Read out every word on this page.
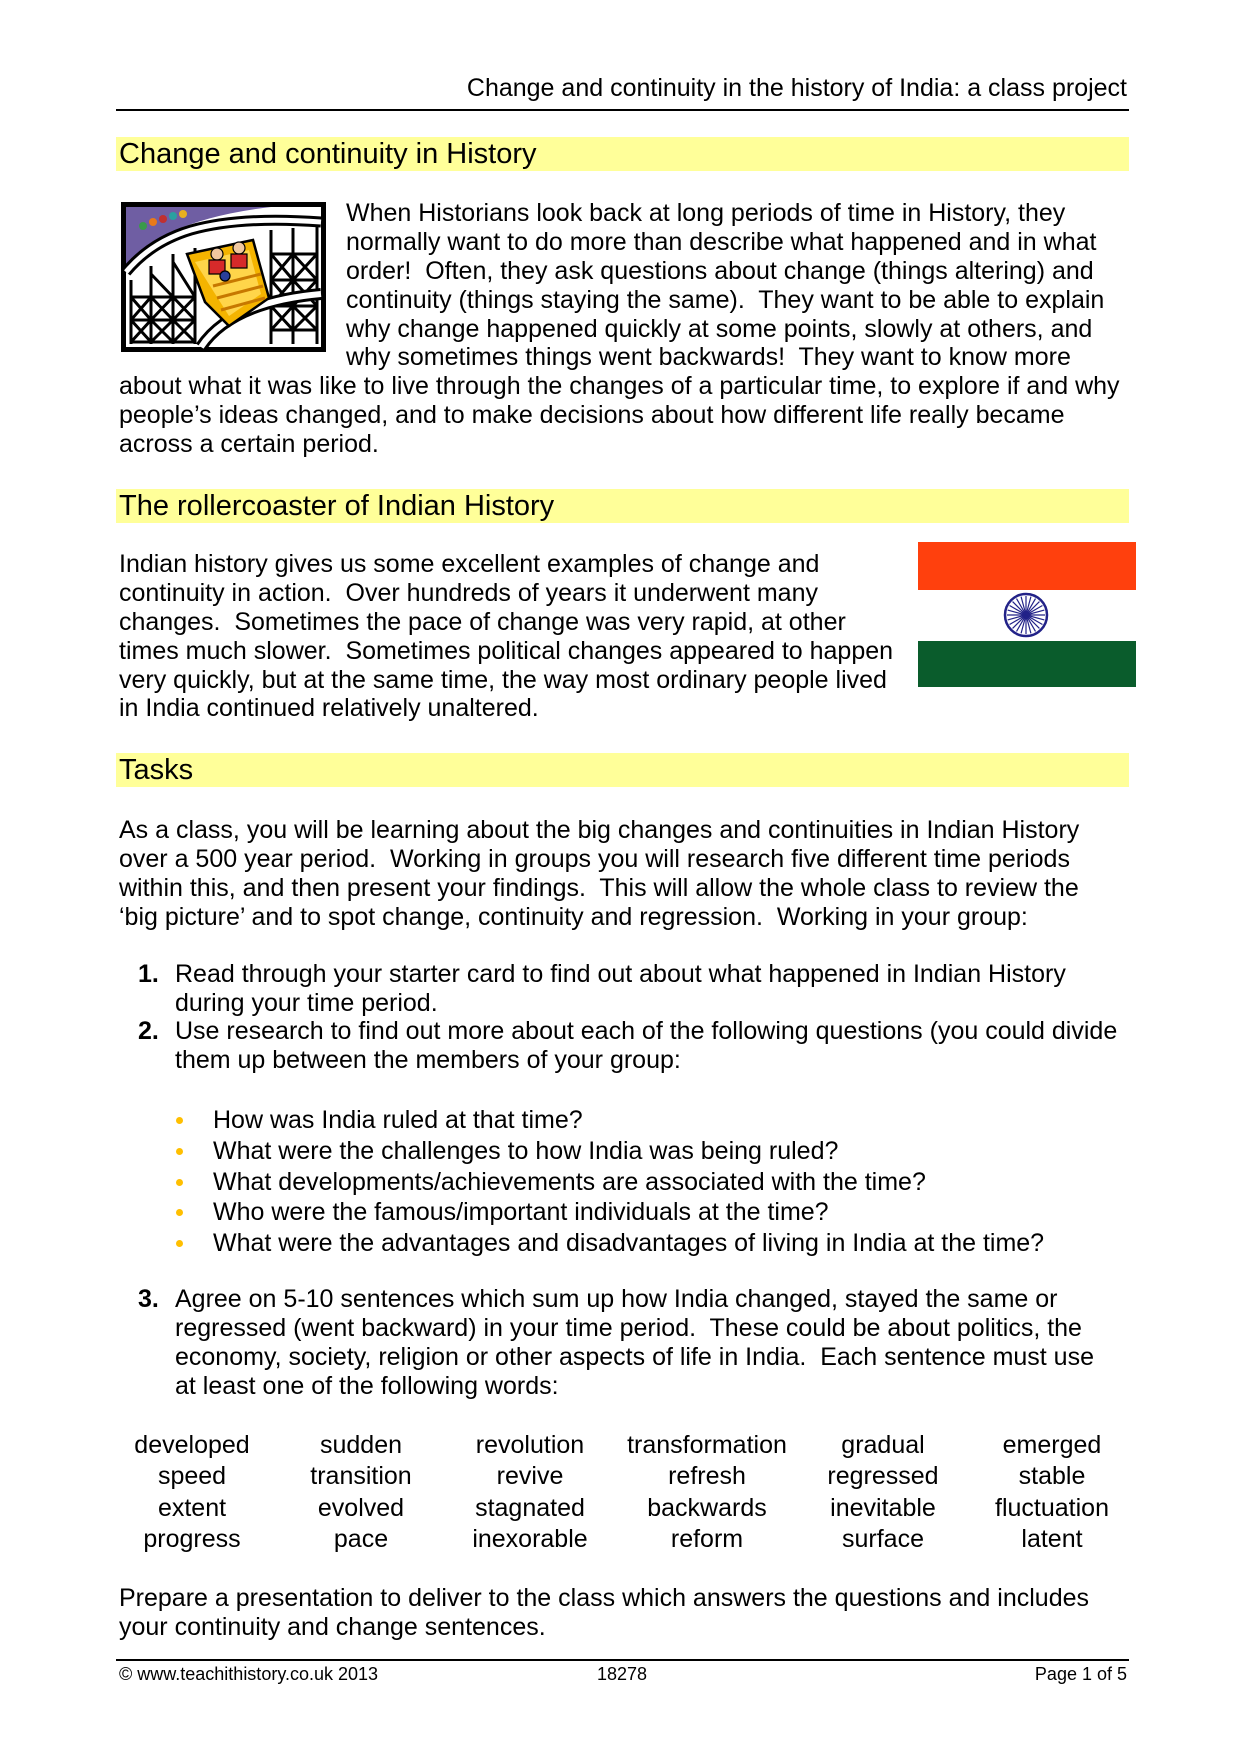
Change and continuity in the history of India: a class project
Change and continuity in History
When Historians look back at long periods of time in History, they
normally want to do more than describe what happened and in what
order!  Often, they ask questions about change (things altering) and
continuity (things staying the same).  They want to be able to explain
why change happened quickly at some points, slowly at others, and
why sometimes things went backwards!  They want to know more
about what it was like to live through the changes of a particular time, to explore if and why
people’s ideas changed, and to make decisions about how different life really became
across a certain period.
The rollercoaster of Indian History
Indian history gives us some excellent examples of change and
continuity in action.  Over hundreds of years it underwent many
changes.  Sometimes the pace of change was very rapid, at other
times much slower.  Sometimes political changes appeared to happen
very quickly, but at the same time, the way most ordinary people lived
in India continued relatively unaltered.
Tasks
As a class, you will be learning about the big changes and continuities in Indian History
over a 500 year period.  Working in groups you will research five different time periods
within this, and then present your findings.  This will allow the whole class to review the
‘big picture’ and to spot change, continuity and regression.  Working in your group:
1. Read through your starter card to find out about what happened in Indian History
during your time period.
2. Use research to find out more about each of the following questions (you could divide
them up between the members of your group:
How was India ruled at that time?
What were the challenges to how India was being ruled?
What developments/achievements are associated with the time?
Who were the famous/important individuals at the time?
What were the advantages and disadvantages of living in India at the time?
3. Agree on 5-10 sentences which sum up how India changed, stayed the same or
regressed (went backward) in your time period.  These could be about politics, the
economy, society, religion or other aspects of life in India.  Each sentence must use
at least one of the following words:
developed
speed
extent
progress
sudden
transition
evolved
pace
revolution
revive
stagnated
inexorable
transformation
refresh
backwards
reform
gradual
regressed
inevitable
surface
emerged
stable
fluctuation
latent
Prepare a presentation to deliver to the class which answers the questions and includes
your continuity and change sentences.
© www.teachithistory.co.uk 2013	18278	Page 1 of 5
